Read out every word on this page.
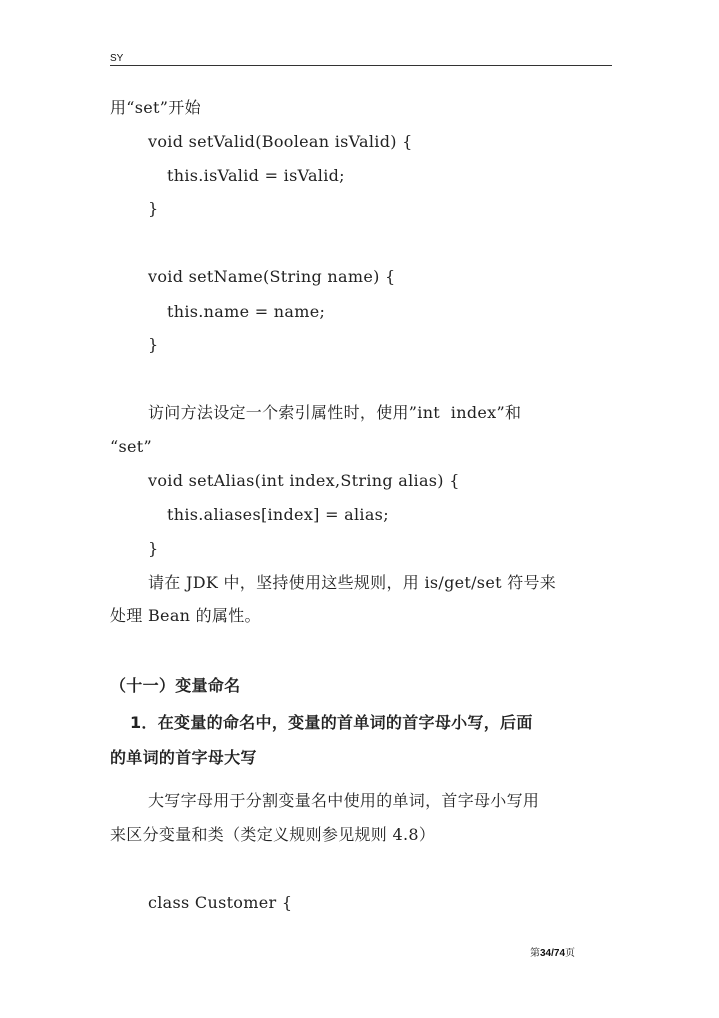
SY
用“set”开始
void setValid(Boolean isValid) {
this.isValid = isValid;
}
void setName(String name) {
this.name = name;
}
访问方法设定一个索引属性时，使用”int  index”和
“set”
void setAlias(int index,String alias) {
this.aliases[index] = alias;
}
请在 JDK 中，坚持使用这些规则，用 is/get/set 符号来
处理 Bean 的属性。
（十一）变量命名
1．在变量的命名中，变量的首单词的首字母小写，后面
的单词的首字母大写
大写字母用于分割变量名中使用的单词，首字母小写用
来区分变量和类（类定义规则参见规则 4.8）
class Customer {
第34/74页
